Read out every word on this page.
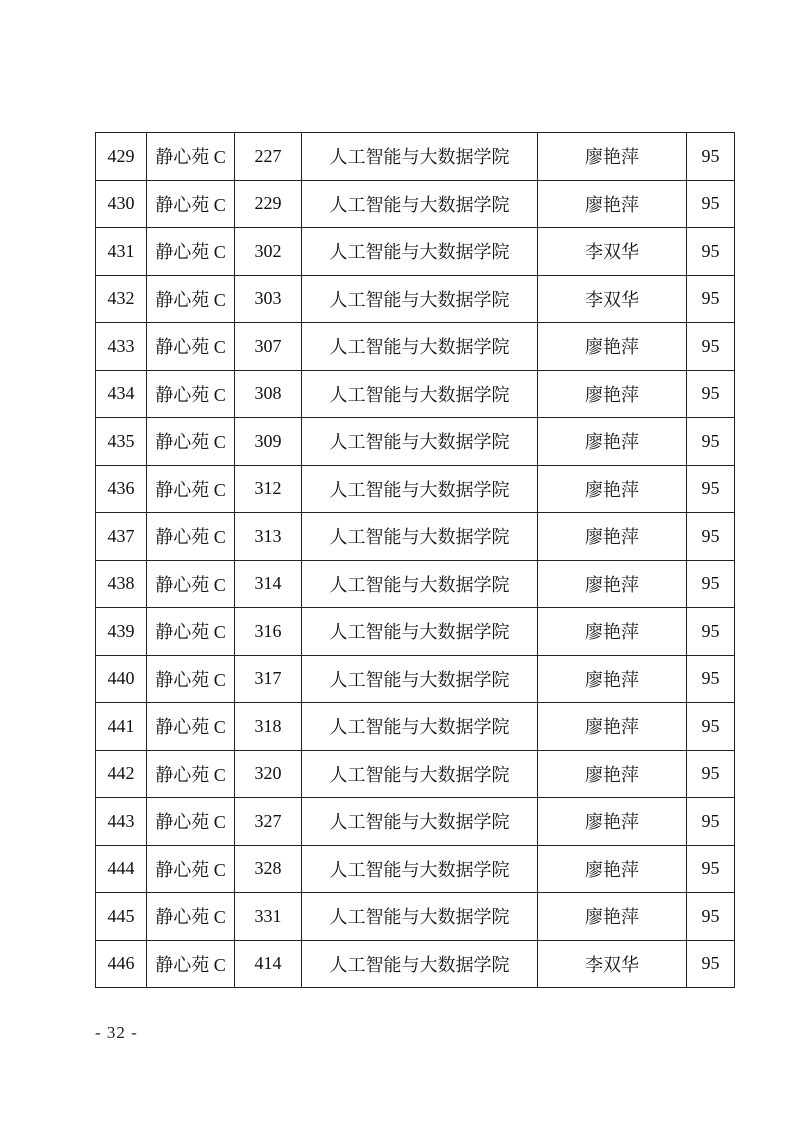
429	静心苑 C	227	人工智能与大数据学院	廖艳萍	95
430	静心苑 C	229	人工智能与大数据学院	廖艳萍	95
431	静心苑 C	302	人工智能与大数据学院	李双华	95
432	静心苑 C	303	人工智能与大数据学院	李双华	95
433	静心苑 C	307	人工智能与大数据学院	廖艳萍	95
434	静心苑 C	308	人工智能与大数据学院	廖艳萍	95
435	静心苑 C	309	人工智能与大数据学院	廖艳萍	95
436	静心苑 C	312	人工智能与大数据学院	廖艳萍	95
437	静心苑 C	313	人工智能与大数据学院	廖艳萍	95
438	静心苑 C	314	人工智能与大数据学院	廖艳萍	95
439	静心苑 C	316	人工智能与大数据学院	廖艳萍	95
440	静心苑 C	317	人工智能与大数据学院	廖艳萍	95
441	静心苑 C	318	人工智能与大数据学院	廖艳萍	95
442	静心苑 C	320	人工智能与大数据学院	廖艳萍	95
443	静心苑 C	327	人工智能与大数据学院	廖艳萍	95
444	静心苑 C	328	人工智能与大数据学院	廖艳萍	95
445	静心苑 C	331	人工智能与大数据学院	廖艳萍	95
446	静心苑 C	414	人工智能与大数据学院	李双华	95
- 32 -
